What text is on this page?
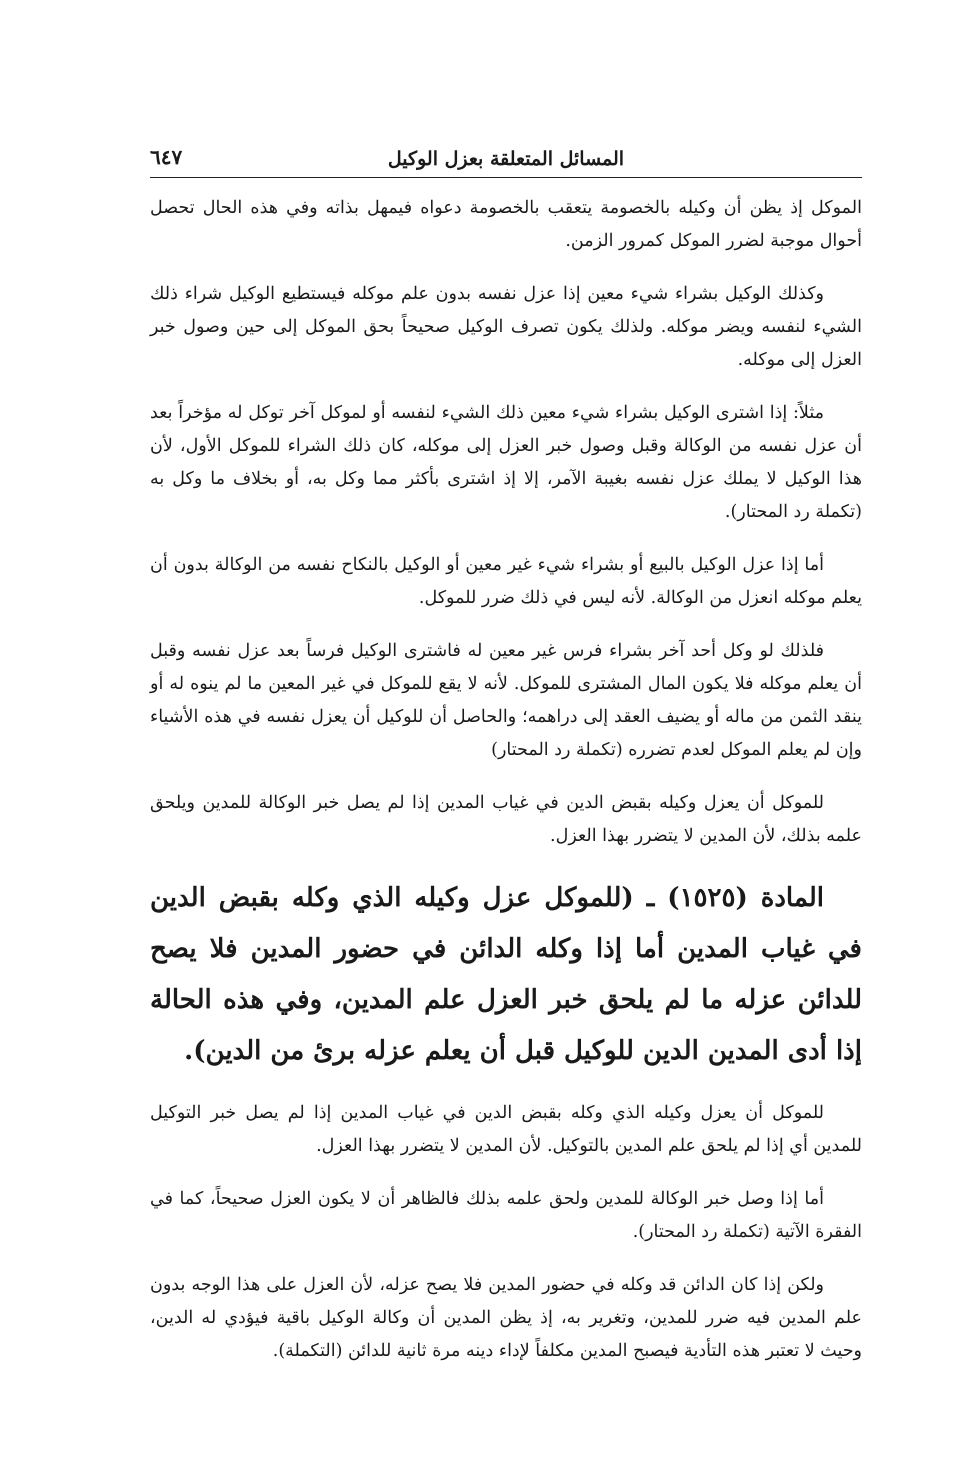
المسائل المتعلقة بعزل الوكيل
٦٤٧

الموكل إذ يظن أن وكيله بالخصومة يتعقب بالخصومة دعواه فيمهل بذاته وفي هذه الحال تحصل أحوال موجبة لضرر الموكل كمرور الزمن.

وكذلك الوكيل بشراء شيء معين إذا عزل نفسه بدون علم موكله فيستطيع الوكيل شراء ذلك الشيء لنفسه ويضر موكله. ولذلك يكون تصرف الوكيل صحيحاً بحق الموكل إلى حين وصول خبر العزل إلى موكله.

مثلاً: إذا اشترى الوكيل بشراء شيء معين ذلك الشيء لنفسه أو لموكل آخر توكل له مؤخراً بعد أن عزل نفسه من الوكالة وقبل وصول خبر العزل إلى موكله، كان ذلك الشراء للموكل الأول، لأن هذا الوكيل لا يملك عزل نفسه بغيبة الآمر، إلا إذ اشترى بأكثر مما وكل به، أو بخلاف ما وكل به (تكملة رد المحتار).

أما إذا عزل الوكيل بالبيع أو بشراء شيء غير معين أو الوكيل بالنكاح نفسه من الوكالة بدون أن يعلم موكله انعزل من الوكالة. لأنه ليس في ذلك ضرر للموكل.

فلذلك لو وكل أحد آخر بشراء فرس غير معين له فاشترى الوكيل فرساً بعد عزل نفسه وقبل أن يعلم موكله فلا يكون المال المشترى للموكل. لأنه لا يقع للموكل في غير المعين ما لم ينوه له أو ينقد الثمن من ماله أو يضيف العقد إلى دراهمه؛ والحاصل أن للوكيل أن يعزل نفسه في هذه الأشياء وإن لم يعلم الموكل لعدم تضرره (تكملة رد المحتار)

للموكل أن يعزل وكيله بقبض الدين في غياب المدين إذا لم يصل خبر الوكالة للمدين ويلحق علمه بذلك، لأن المدين لا يتضرر بهذا العزل.

المادة (١٥٢٥) ـ (للموكل عزل وكيله الذي وكله بقبض الدين في غياب المدين أما إذا وكله الدائن في حضور المدين فلا يصح للدائن عزله ما لم يلحق خبر العزل علم المدين، وفي هذه الحالة إذا أدى المدين الدين للوكيل قبل أن يعلم عزله برئ من الدين).

للموكل أن يعزل وكيله الذي وكله بقبض الدين في غياب المدين إذا لم يصل خبر التوكيل للمدين أي إذا لم يلحق علم المدين بالتوكيل. لأن المدين لا يتضرر بهذا العزل.

أما إذا وصل خبر الوكالة للمدين ولحق علمه بذلك فالظاهر أن لا يكون العزل صحيحاً، كما في الفقرة الآتية (تكملة رد المحتار).

ولكن إذا كان الدائن قد وكله في حضور المدين فلا يصح عزله، لأن العزل على هذا الوجه بدون علم المدين فيه ضرر للمدين، وتغرير به، إذ يظن المدين أن وكالة الوكيل باقية فيؤدي له الدين، وحيث لا تعتبر هذه التأدية فيصبح المدين مكلفاً لإداء دينه مرة ثانية للدائن (التكملة).
